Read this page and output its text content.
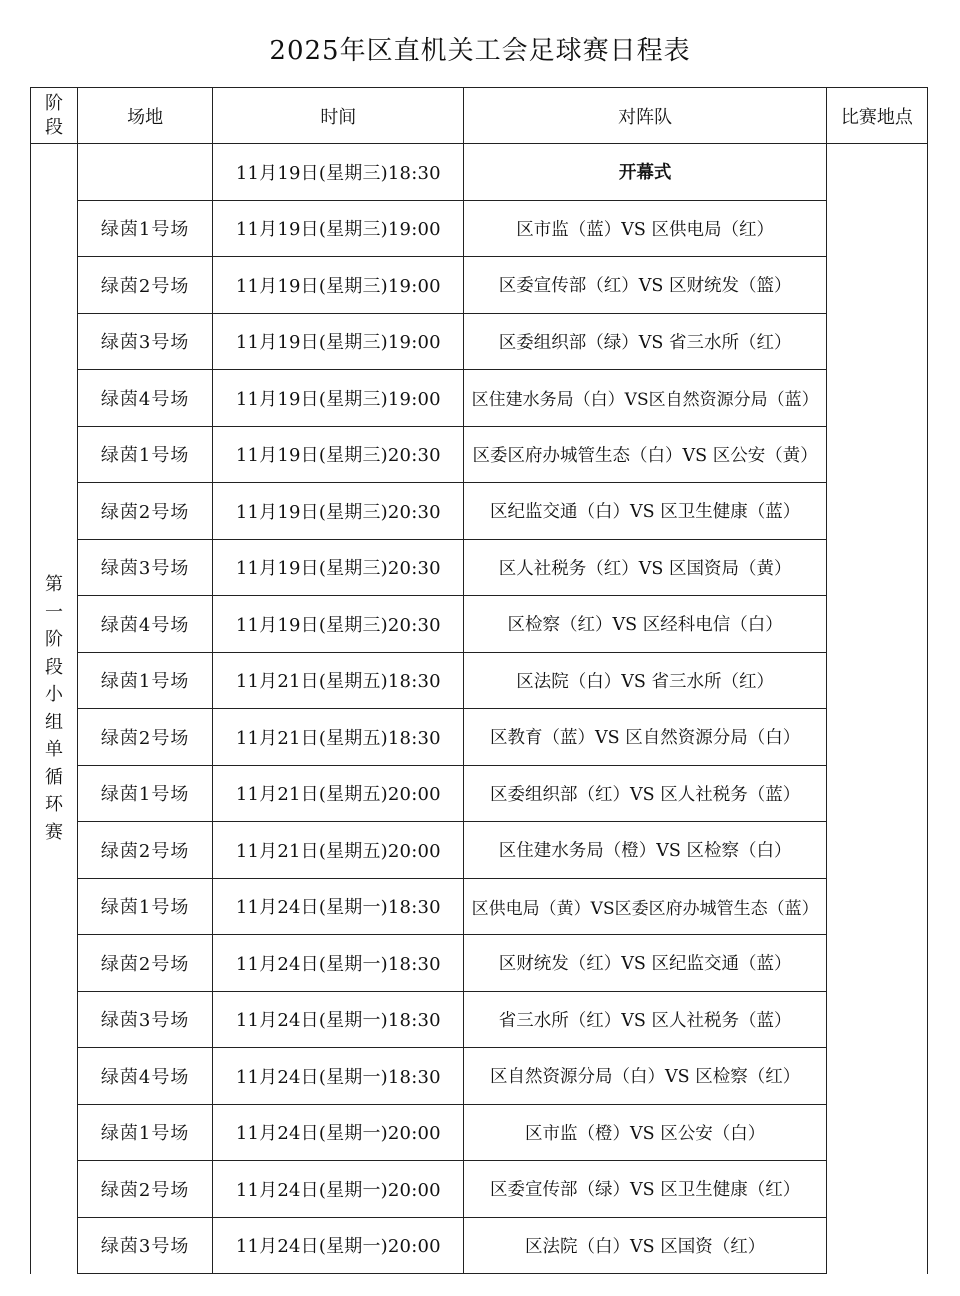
2025年区直机关工会足球赛日程表
阶
段	场地	时间	对阵队	比赛地点

第一阶段小组单循环赛		11月19日(星期三)18:30	开幕式	
	绿茵1号场	11月19日(星期三)19:00	区市监（蓝）VS 区供电局（红）	
	绿茵2号场	11月19日(星期三)19:00	区委宣传部（红）VS 区财统发（篮）	
	绿茵3号场	11月19日(星期三)19:00	区委组织部（绿）VS 省三水所（红）	
	绿茵4号场	11月19日(星期三)19:00	区住建水务局（白）VS区自然资源分局（蓝）	
	绿茵1号场	11月19日(星期三)20:30	区委区府办城管生态（白）VS 区公安（黄）	
	绿茵2号场	11月19日(星期三)20:30	区纪监交通（白）VS 区卫生健康（蓝）	
	绿茵3号场	11月19日(星期三)20:30	区人社税务（红）VS 区国资局（黄）	
	绿茵4号场	11月19日(星期三)20:30	区检察（红）VS 区经科电信（白）	
	绿茵1号场	11月21日(星期五)18:30	区法院（白）VS 省三水所（红）	
	绿茵2号场	11月21日(星期五)18:30	区教育（蓝）VS 区自然资源分局（白）	
	绿茵1号场	11月21日(星期五)20:00	区委组织部（红）VS 区人社税务（蓝）	
	绿茵2号场	11月21日(星期五)20:00	区住建水务局（橙）VS 区检察（白）	
	绿茵1号场	11月24日(星期一)18:30	区供电局（黄）VS区委区府办城管生态（蓝）	
	绿茵2号场	11月24日(星期一)18:30	区财统发（红）VS 区纪监交通（蓝）	
	绿茵3号场	11月24日(星期一)18:30	省三水所（红）VS 区人社税务（蓝）	
	绿茵4号场	11月24日(星期一)18:30	区自然资源分局（白）VS 区检察（红）	
	绿茵1号场	11月24日(星期一)20:00	区市监（橙）VS 区公安（白）	
	绿茵2号场	11月24日(星期一)20:00	区委宣传部（绿）VS 区卫生健康（红）	
	绿茵3号场	11月24日(星期一)20:00	区法院（白）VS 区国资（红）	
